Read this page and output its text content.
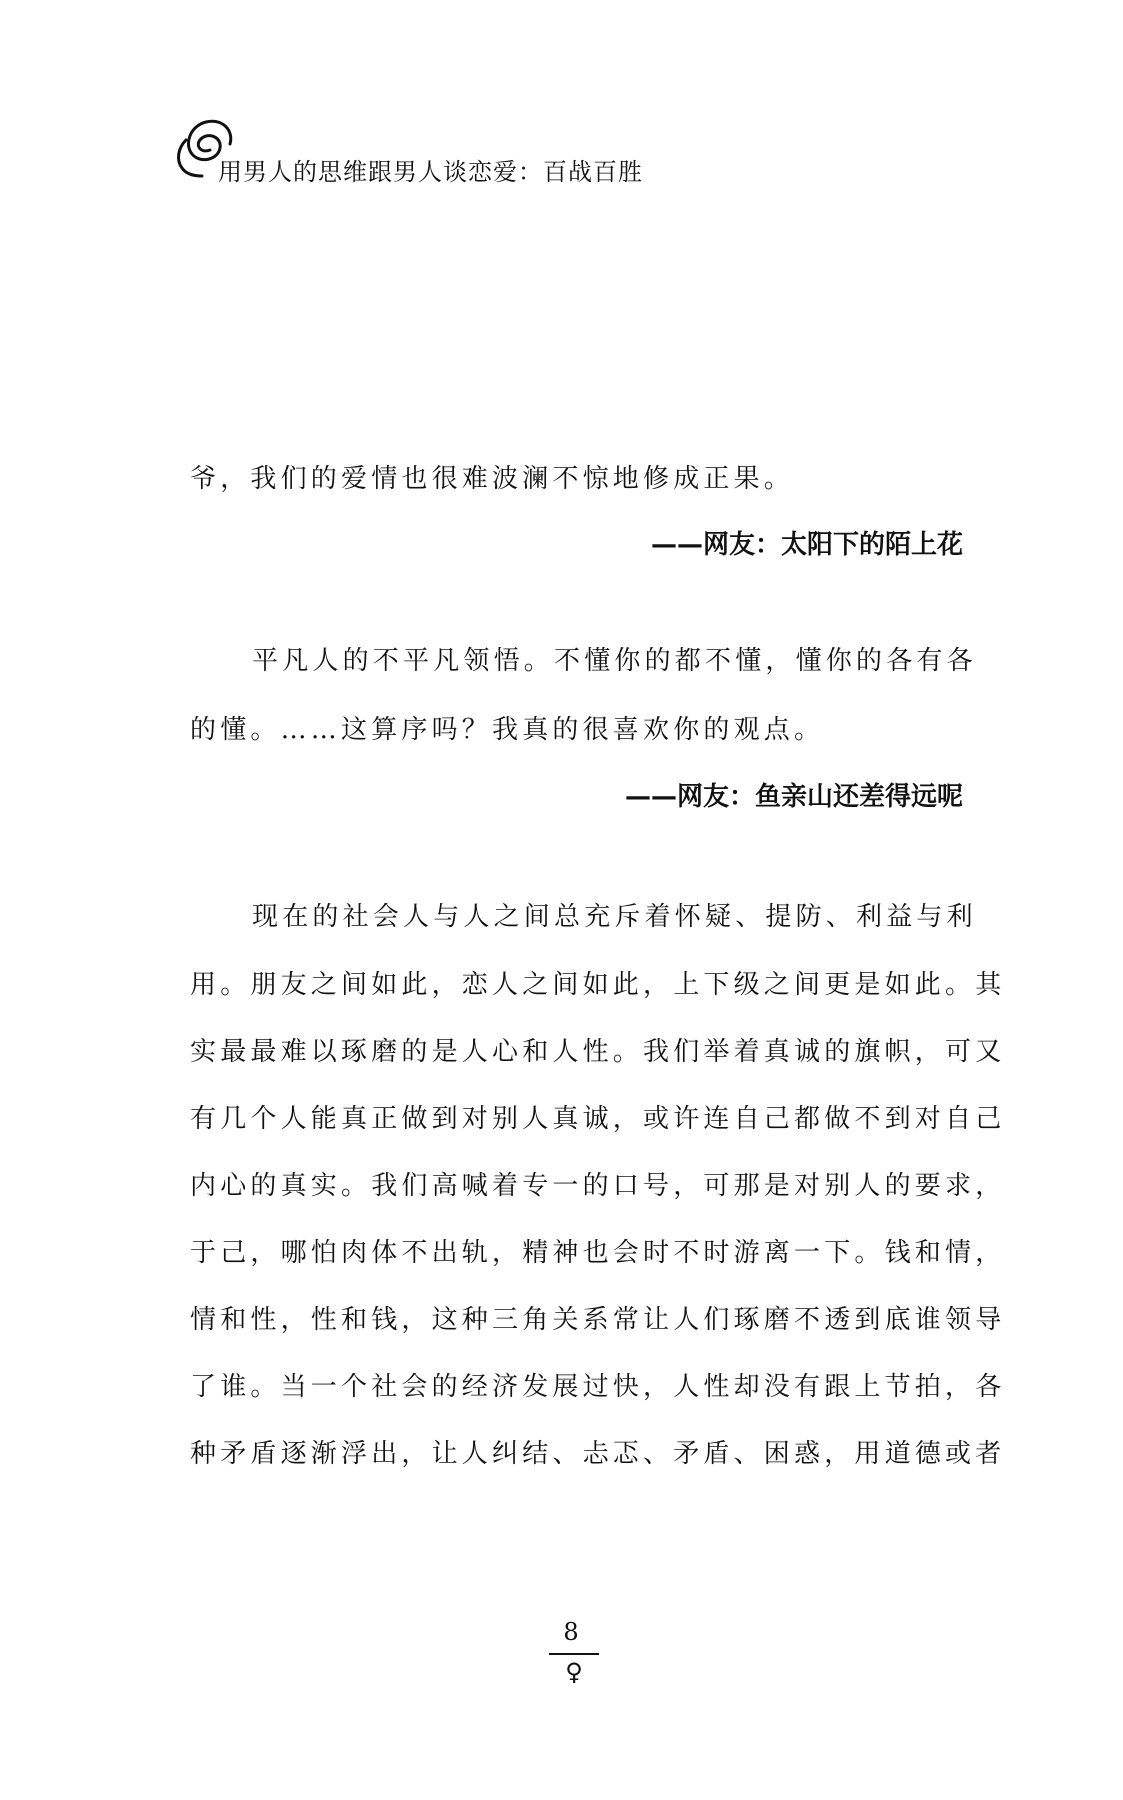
用男人的思维跟男人谈恋爱：百战百胜
爷，我们的爱情也很难波澜不惊地修成正果。
——网友：太阳下的陌上花
平凡人的不平凡领悟。不懂你的都不懂，懂你的各有各
的懂。……这算序吗？我真的很喜欢你的观点。
——网友：鱼亲山还差得远呢
现在的社会人与人之间总充斥着怀疑、提防、利益与利
用。朋友之间如此，恋人之间如此，上下级之间更是如此。其
实最最难以琢磨的是人心和人性。我们举着真诚的旗帜，可又
有几个人能真正做到对别人真诚，或许连自己都做不到对自己
内心的真实。我们高喊着专一的口号，可那是对别人的要求，
于己，哪怕肉体不出轨，精神也会时不时游离一下。钱和情，
情和性，性和钱，这种三角关系常让人们琢磨不透到底谁领导
了谁。当一个社会的经济发展过快，人性却没有跟上节拍，各
种矛盾逐渐浮出，让人纠结、忐忑、矛盾、困惑，用道德或者
8
♀
